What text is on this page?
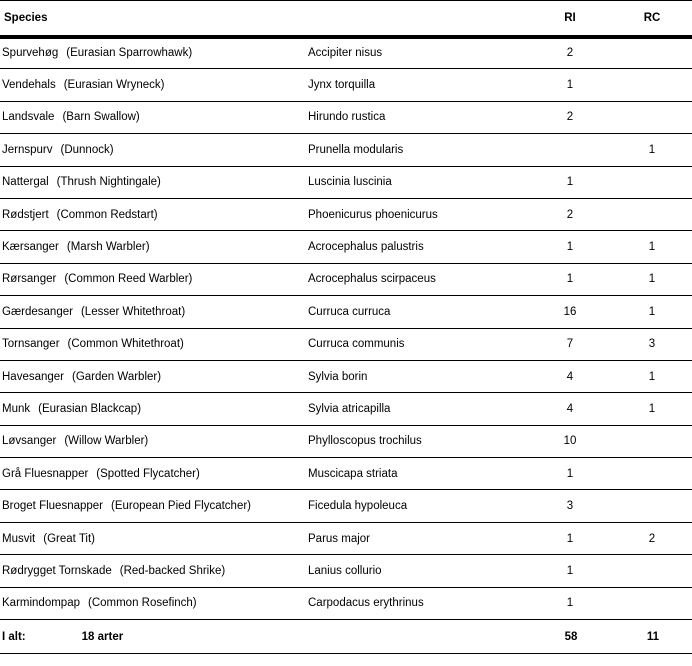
Species		RI	RC
Spurvehøg (Eurasian Sparrowhawk)	Accipiter nisus	2	
Vendehals (Eurasian Wryneck)	Jynx torquilla	1	
Landsvale (Barn Swallow)	Hirundo rustica	2	
Jernspurv (Dunnock)	Prunella modularis		1
Nattergal (Thrush Nightingale)	Luscinia luscinia	1	
Rødstjert (Common Redstart)	Phoenicurus phoenicurus	2	
Kærsanger (Marsh Warbler)	Acrocephalus palustris	1	1
Rørsanger (Common Reed Warbler)	Acrocephalus scirpaceus	1	1
Gærdesanger (Lesser Whitethroat)	Curruca curruca	16	1
Tornsanger (Common Whitethroat)	Curruca communis	7	3
Havesanger (Garden Warbler)	Sylvia borin	4	1
Munk (Eurasian Blackcap)	Sylvia atricapilla	4	1
Løvsanger (Willow Warbler)	Phylloscopus trochilus	10	
Grå Fluesnapper (Spotted Flycatcher)	Muscicapa striata	1	
Broget Fluesnapper (European Pied Flycatcher)	Ficedula hypoleuca	3	
Musvit (Great Tit)	Parus major	1	2
Rødrygget Tornskade (Red-backed Shrike)	Lanius collurio	1	
Karmindompap (Common Rosefinch)	Carpodacus erythrinus	1	
I alt: 18 arter		58	11
